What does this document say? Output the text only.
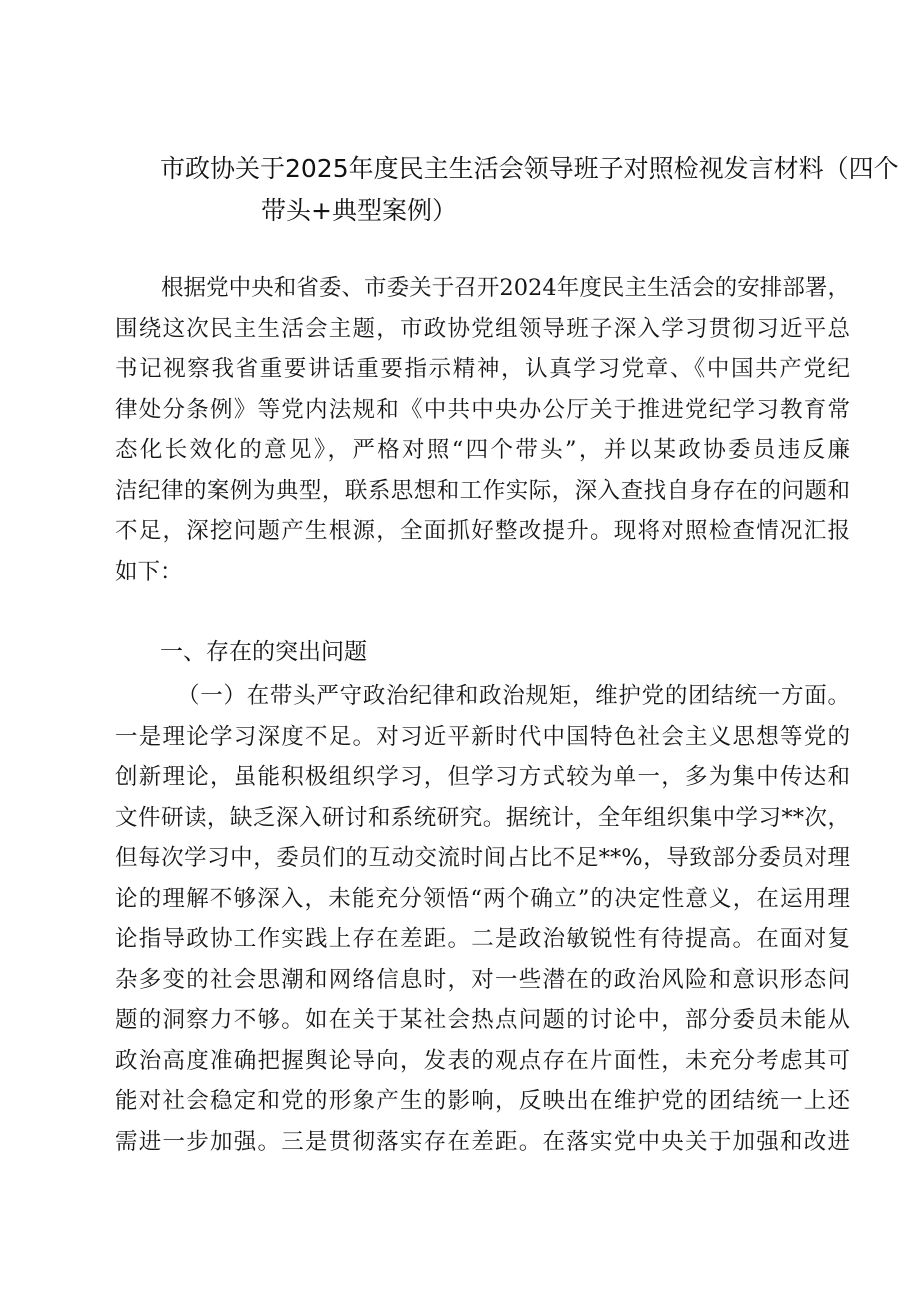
市政协关于2025年度民主生活会领导班子对照检视发言材料（四个
带头+典型案例）
根据党中央和省委、市委关于召开2024年度民主生活会的安排部署，
围绕这次民主生活会主题，市政协党组领导班子深入学习贯彻习近平总
书记视察我省重要讲话重要指示精神，认真学习党章、《中国共产党纪
律处分条例》等党内法规和《中共中央办公厅关于推进党纪学习教育常
态化长效化的意见》，严格对照“四个带头”，并以某政协委员违反廉
洁纪律的案例为典型，联系思想和工作实际，深入查找自身存在的问题和
不足，深挖问题产生根源，全面抓好整改提升。现将对照检查情况汇报
如下：
一、存在的突出问题
（一）在带头严守政治纪律和政治规矩，维护党的团结统一方面。
一是理论学习深度不足。对习近平新时代中国特色社会主义思想等党的
创新理论，虽能积极组织学习，但学习方式较为单一，多为集中传达和
文件研读，缺乏深入研讨和系统研究。据统计，全年组织集中学习**次，
但每次学习中，委员们的互动交流时间占比不足**%，导致部分委员对理
论的理解不够深入，未能充分领悟“两个确立”的决定性意义，在运用理
论指导政协工作实践上存在差距。二是政治敏锐性有待提高。在面对复
杂多变的社会思潮和网络信息时，对一些潜在的政治风险和意识形态问
题的洞察力不够。如在关于某社会热点问题的讨论中，部分委员未能从
政治高度准确把握舆论导向，发表的观点存在片面性，未充分考虑其可
能对社会稳定和党的形象产生的影响，反映出在维护党的团结统一上还
需进一步加强。三是贯彻落实存在差距。在落实党中央关于加强和改进
